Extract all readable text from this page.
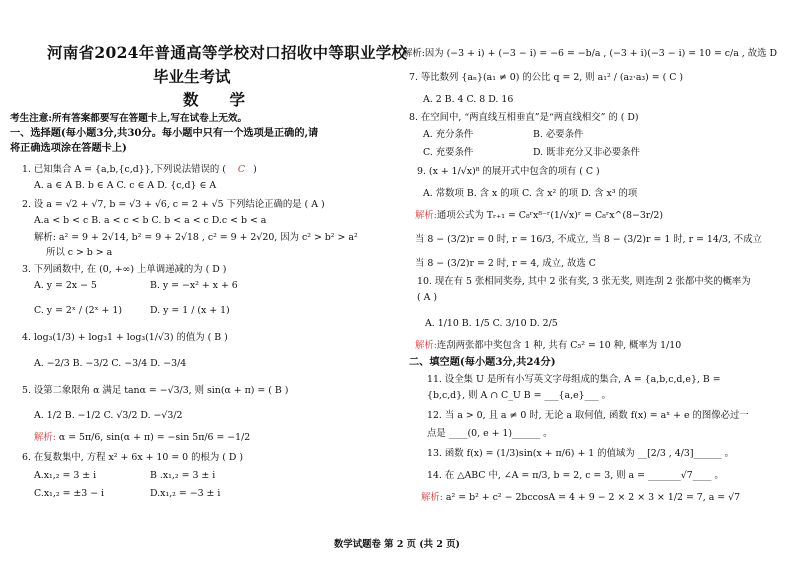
河南省2024年普通高等学校对口招收中等职业学校
毕业生考试
数　　学
考生注意:所有答案都要写在答题卡上,写在试卷上无效。
一、选择题(每小题3分,共30分。每小题中只有一个选项是正确的,请
将正确选项涂在答题卡上)
1. 已知集合 A = {a,b,{c,d}},下列说法错误的 ( C )
A. a ∈ A B. b ∈ A C. c ∈ A D. {c,d} ∈ A
2. 设 a = √2 + √7, b = √3 + √6, c = 2 + √5 下列结论正确的是 ( A )
A.a < b < c B. a < c < b C. b < a < c D.c < b < a
解析: a² = 9 + 2√14, b² = 9 + 2√18 , c² = 9 + 2√20, 因为 c² > b² > a²
所以 c > b > a
3. 下列函数中, 在 (0, +∞) 上单调递减的为 ( D )
A. y = 2x − 5	B. y = −x² + x + 6
C. y = 2ˣ / (2ˣ + 1)	D. y = 1 / (x + 1)
4. log₃(1/3) + log₃1 + log₃(1/√3) 的值为 ( B )
A. −2/3 B. −3/2 C. −3/4 D. −3/4
5. 设第二象限角 α 满足 tanα = −√3/3, 则 sin(α + π) = ( B )
A. 1/2 B. −1/2 C. √3/2 D. −√3/2
解析: α = 5π/6, sin(α + π) = −sin 5π/6 = −1/2
6. 在复数集中, 方程 x² + 6x + 10 = 0 的根为 ( D )
A.x₁,₂ = 3 ± i	B .x₁,₂ = 3 ± i
C.x₁,₂ = ±3 − i	D.x₁,₂ = −3 ± i
解析:因为 (−3 + i) + (−3 − i) = −6 = −b/a , (−3 + i)(−3 − i) = 10 = c/a , 故选 D
7. 等比数列 {aₙ}(a₁ ≠ 0) 的公比 q = 2, 则 a₁² / (a₂·a₃) = ( C )
A. 2 B. 4 C. 8 D. 16
8. 在空间中, “两直线互相垂直”是“两直线相交” 的 ( D)
A. 充分条件	B. 必要条件
C. 充要条件	D. 既非充分又非必要条件
9. (x + 1/√x)⁸ 的展开式中包含的项有 ( C )
A. 常数项 B. 含 x 的项 C. 含 x² 的项 D. 含 x³ 的项
解析:通项公式为 Tᵣ₊₁ = C₈ʳx⁸⁻ʳ(1/√x)ʳ = C₈ʳx^(8−3r/2)
当 8 − (3/2)r = 0 时, r = 16/3, 不成立, 当 8 − (3/2)r = 1 时, r = 14/3, 不成立
当 8 − (3/2)r = 2 时, r = 4, 成立, 故选 C
10. 现在有 5 张相同奖券, 其中 2 张有奖, 3 张无奖, 则连刮 2 张都中奖的概率为
( A )
A. 1/10 B. 1/5 C. 3/10 D. 2/5
解析:连刮两张都中奖包含 1 种, 共有 C₅² = 10 种, 概率为 1/10
二、填空题(每小题3分,共24分)
11. 设全集 U 是所有小写英文字母组成的集合, A = {a,b,c,d,e}, B =
{b,c,d}, 则 A ∩ C_U B = ___{a,e}___ 。
12. 当 a > 0, 且 a ≠ 0 时, 无论 a 取何值, 函数 f(x) = aˣ + e 的图像必过一
点是 ____(0, e + 1)______ 。
13. 函数 f(x) = (1/3)sin(x + π/6) + 1 的值域为 __[2/3 , 4/3]______ 。
14. 在 △ABC 中, ∠A = π/3, b = 2, c = 3, 则 a = _______√7____ 。
解析: a² = b² + c² − 2bccosA = 4 + 9 − 2 × 2 × 3 × 1/2 = 7, a = √7
数学试题卷 第 2 页 (共 2 页)
